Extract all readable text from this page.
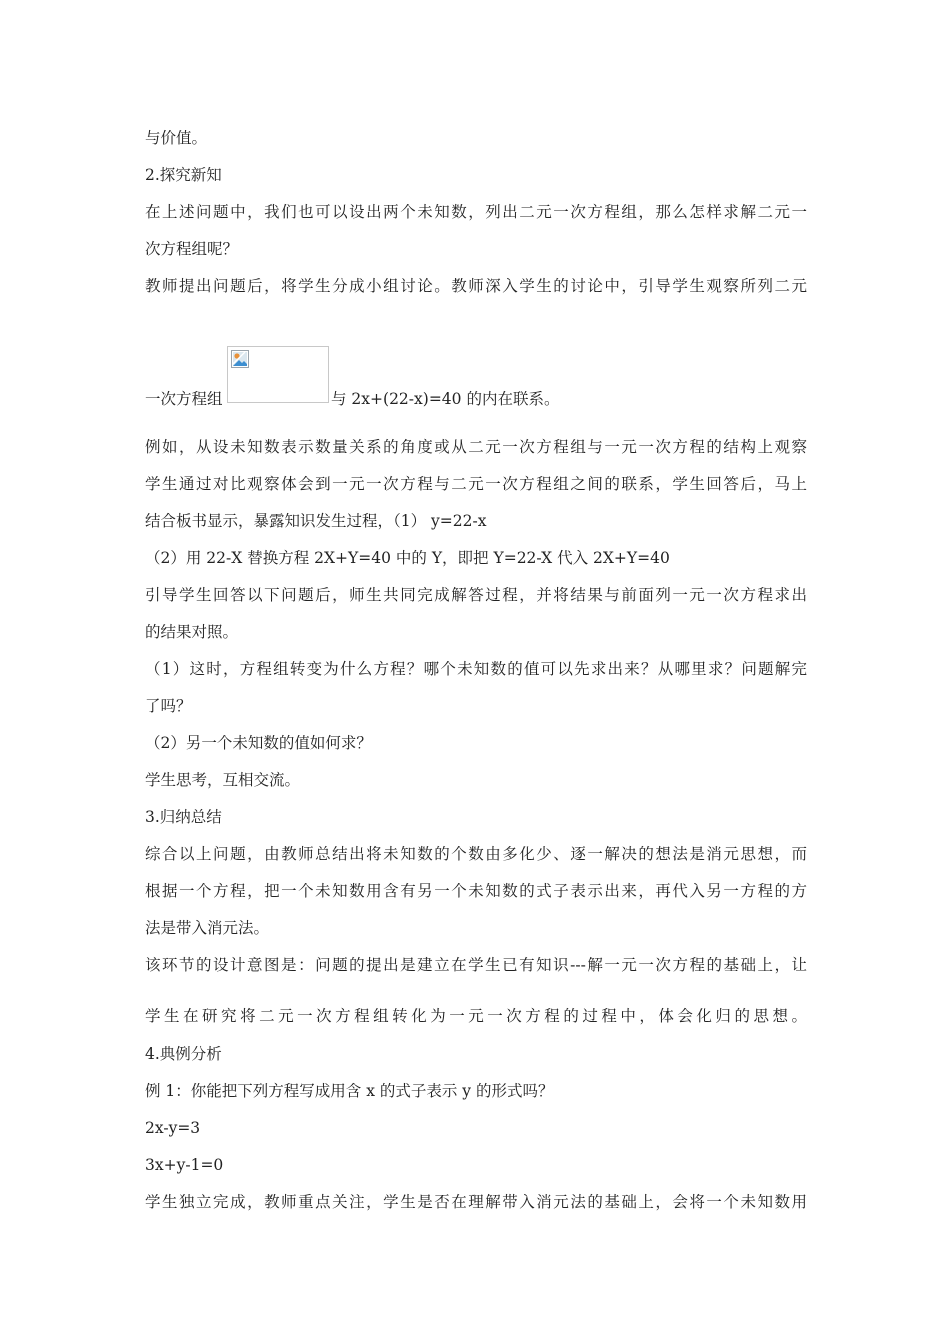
与价值。
2.探究新知
在上述问题中，我们也可以设出两个未知数，列出二元一次方程组，那么怎样求解二元一
次方程组呢？
教师提出问题后，将学生分成小组讨论。教师深入学生的讨论中，引导学生观察所列二元
一次方程组	与 2x+(22-x)=40 的内在联系。
例如，从设未知数表示数量关系的角度或从二元一次方程组与一元一次方程的结构上观察
学生通过对比观察体会到一元一次方程与二元一次方程组之间的联系，学生回答后，马上
结合板书显示，暴露知识发生过程，（1） y=22-x
（2）用 22-X 替换方程 2X+Y=40 中的 Y，即把 Y=22-X 代入 2X+Y=40
引导学生回答以下问题后，师生共同完成解答过程，并将结果与前面列一元一次方程求出
的结果对照。
（1）这时，方程组转变为什么方程？哪个未知数的值可以先求出来？从哪里求？问题解完
了吗？
（2）另一个未知数的值如何求？
学生思考，互相交流。
3.归纳总结
综合以上问题，由教师总结出将未知数的个数由多化少、逐一解决的想法是消元思想，而
根据一个方程，把一个未知数用含有另一个未知数的式子表示出来，再代入另一方程的方
法是带入消元法。
该环节的设计意图是：问题的提出是建立在学生已有知识---解一元一次方程的基础上，让
学生在研究将二元一次方程组转化为一元一次方程的过程中，体会化归的思想。
4.典例分析
例 1：你能把下列方程写成用含 x 的式子表示 y 的形式吗？
2x-y=3
3x+y-1=0
学生独立完成，教师重点关注，学生是否在理解带入消元法的基础上，会将一个未知数用
